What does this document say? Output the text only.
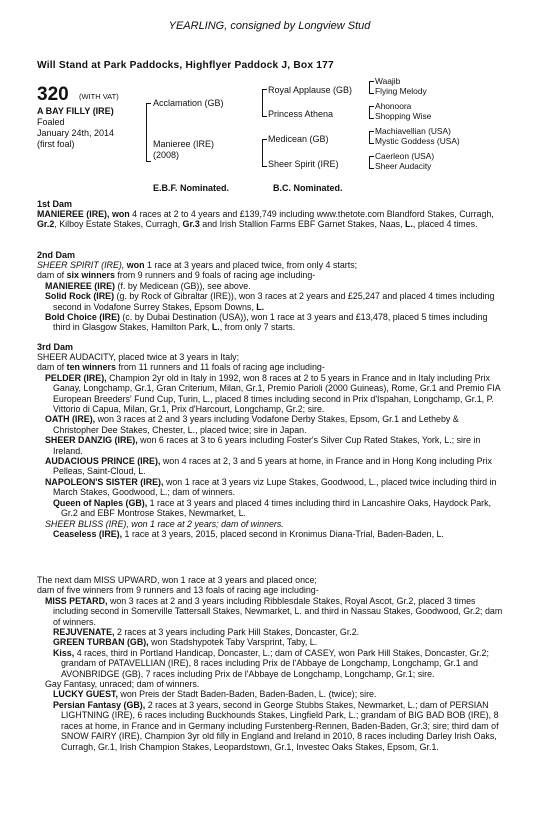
YEARLING, consigned by Longview Stud
Will Stand at Park Paddocks, Highflyer Paddock J, Box 177
320 (WITH VAT)
A BAY FILLY (IRE)
Foaled
January 24th, 2014
(first foal)
Acclamation (GB)
Manieree (IRE)
(2008)
Royal Applause (GB)
Princess Athena
Medicean (GB)
Sheer Spirit (IRE)
Waajib
Flying Melody
Ahonoora
Shopping Wise
Machiavellian (USA)
Mystic Goddess (USA)
Caerleon (USA)
Sheer Audacity
E.B.F. Nominated.	B.C. Nominated.
1st Dam

MANIEREE (IRE), won 4 races at 2 to 4 years and £139,749 including www.thetote.com Blandford Stakes, Curragh, Gr.2, Kilboy Estate Stakes, Curragh, Gr.3 and Irish Stallion Farms EBF Garnet Stakes, Naas, L., placed 4 times.

2nd Dam

SHEER SPIRIT (IRE), won 1 race at 3 years and placed twice, from only 4 starts;

dam of six winners from 9 runners and 9 foals of racing age including-

MANIEREE (IRE) (f. by Medicean (GB)), see above.

Solid Rock (IRE) (g. by Rock of Gibraltar (IRE)), won 3 races at 2 years and £25,247 and placed 4 times including second in Vodafone Surrey Stakes, Epsom Downs, L.

Bold Choice (IRE) (c. by Dubai Destination (USA)), won 1 race at 3 years and £13,478, placed 5 times including third in Glasgow Stakes, Hamilton Park, L., from only 7 starts.

3rd Dam

SHEER AUDACITY, placed twice at 3 years in Italy;

dam of ten winners from 11 runners and 11 foals of racing age including-

PELDER (IRE), Champion 2yr old in Italy in 1992, won 8 races at 2 to 5 years in France and in Italy including Prix Ganay, Longchamp, Gr.1, Gran Criterium, Milan, Gr.1, Premio Parioli (2000 Guineas), Rome, Gr.1 and Premio FIA European Breeders' Fund Cup, Turin, L., placed 8 times including second in Prix d'Ispahan, Longchamp, Gr.1, P. Vittorio di Capua, Milan, Gr.1, Prix d'Harcourt, Longchamp, Gr.2; sire.

OATH (IRE), won 3 races at 2 and 3 years including Vodafone Derby Stakes, Epsom, Gr.1 and Letheby & Christopher Dee Stakes, Chester, L., placed twice; sire in Japan.

SHEER DANZIG (IRE), won 6 races at 3 to 6 years including Foster's Silver Cup Rated Stakes, York, L.; sire in Ireland.

AUDACIOUS PRINCE (IRE), won 4 races at 2, 3 and 5 years at home, in France and in Hong Kong including Prix Pelleas, Saint-Cloud, L.

NAPOLEON'S SISTER (IRE), won 1 race at 3 years viz Lupe Stakes, Goodwood, L., placed twice including third in March Stakes, Goodwood, L.; dam of winners.

Queen of Naples (GB), 1 race at 3 years and placed 4 times including third in Lancashire Oaks, Haydock Park, Gr.2 and EBF Montrose Stakes, Newmarket, L.

SHEER BLISS (IRE), won 1 race at 2 years; dam of winners.

Ceaseless (IRE), 1 race at 3 years, 2015, placed second in Kronimus Diana-Trial, Baden-Baden, L.

The next dam MISS UPWARD, won 1 race at 3 years and placed once;

dam of five winners from 9 runners and 13 foals of racing age including-

MISS PETARD, won 3 races at 2 and 3 years including Ribblesdale Stakes, Royal Ascot, Gr.2, placed 3 times including second in Somerville Tattersall Stakes, Newmarket, L. and third in Nassau Stakes, Goodwood, Gr.2; dam of winners.

REJUVENATE, 2 races at 3 years including Park Hill Stakes, Doncaster, Gr.2.

GREEN TURBAN (GB), won Stadshypotek Taby Varsprint, Taby, L.

Kiss, 4 races, third in Portland Handicap, Doncaster, L.; dam of CASEY, won Park Hill Stakes, Doncaster, Gr.2; grandam of PATAVELLIAN (IRE), 8 races including Prix de l'Abbaye de Longchamp, Longchamp, Gr.1 and AVONBRIDGE (GB), 7 races including Prix de l'Abbaye de Longchamp, Longchamp, Gr.1; sire.

Gay Fantasy, unraced; dam of winners.

LUCKY GUEST, won Preis der Stadt Baden-Baden, Baden-Baden, L. (twice); sire.

Persian Fantasy (GB), 2 races at 3 years, second in George Stubbs Stakes, Newmarket, L.; dam of PERSIAN LIGHTNING (IRE), 6 races including Buckhounds Stakes, Lingfield Park, L.; grandam of BIG BAD BOB (IRE), 8 races at home, in France and in Germany including Furstenberg-Rennen, Baden-Baden, Gr.3; sire; third dam of SNOW FAIRY (IRE), Champion 3yr old filly in England and Ireland in 2010, 8 races including Darley Irish Oaks, Curragh, Gr.1, Irish Champion Stakes, Leopardstown, Gr.1, Investec Oaks Stakes, Epsom, Gr.1.
